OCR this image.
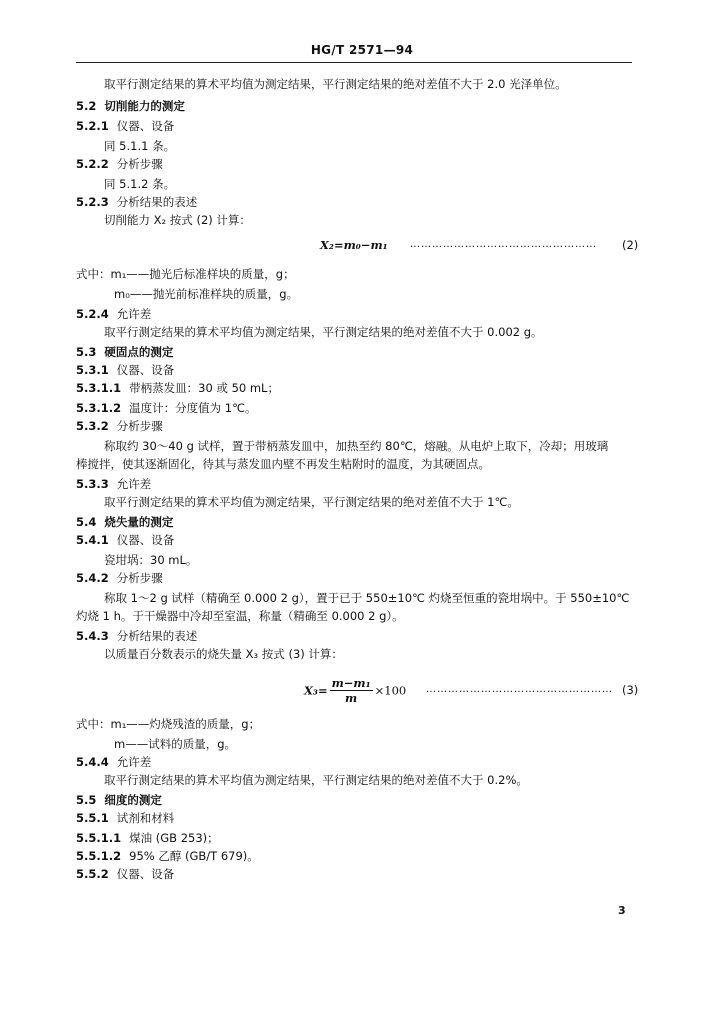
HG/T 2571—94
取平行测定结果的算术平均值为测定结果，平行测定结果的绝对差值不大于 2.0 光泽单位。
5.2 切削能力的测定
5.2.1 仪器、设备
同 5.1.1 条。
5.2.2 分析步骤
同 5.1.2 条。
5.2.3 分析结果的表述
切削能力 X₂ 按式 (2) 计算：
X₂=m₀−m₁ …………………………………………… (2)
式中：m₁——抛光后标准样块的质量，g；
m₀——抛光前标准样块的质量，g。
5.2.4 允许差
取平行测定结果的算术平均值为测定结果，平行测定结果的绝对差值不大于 0.002 g。
5.3 硬固点的测定
5.3.1 仪器、设备
5.3.1.1 带柄蒸发皿：30 或 50 mL；
5.3.1.2 温度计：分度值为 1℃。
5.3.2 分析步骤
称取约 30～40 g 试样，置于带柄蒸发皿中，加热至约 80℃，熔融。从电炉上取下，冷却；用玻璃
棒搅拌，使其逐渐固化，待其与蒸发皿内壁不再发生粘附时的温度，为其硬固点。
5.3.3 允许差
取平行测定结果的算术平均值为测定结果，平行测定结果的绝对差值不大于 1℃。
5.4 烧失量的测定
5.4.1 仪器、设备
瓷坩埚：30 mL。
5.4.2 分析步骤
称取 1～2 g 试样（精确至 0.000 2 g），置于已于 550±10℃ 灼烧至恒重的瓷坩埚中。于 550±10℃
灼烧 1 h。于干燥器中冷却至室温，称量（精确至 0.000 2 g）。
5.4.3 分析结果的表述
以质量百分数表示的烧失量 X₃ 按式 (3) 计算：
$X_3= \frac{\text{m−m₁}}{m} \times 100$ …………………………………………… (3)
式中：m₁——灼烧残渣的质量，g；
m——试料的质量，g。
5.4.4 允许差
取平行测定结果的算术平均值为测定结果，平行测定结果的绝对差值不大于 0.2%。
5.5 细度的测定
5.5.1 试剂和材料
5.5.1.1 煤油 (GB 253)；
5.5.1.2 95% 乙醇 (GB/T 679)。
5.5.2 仪器、设备
3
